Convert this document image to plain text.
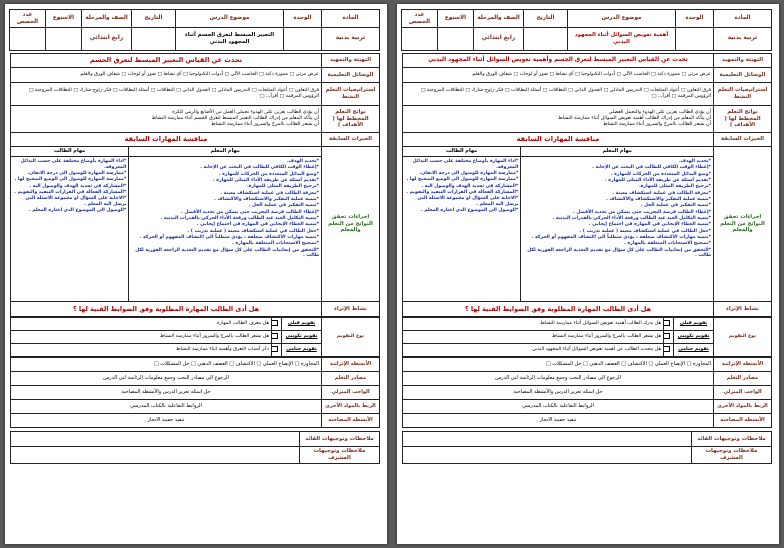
المادة	الوحدة	موضوع الدرس	التاريخ	الصف والمرحلة	الاسبوع	عدد الحصص
تربية بدنية		التعبير المبسط لتعرق الجسم أثناء المجهود البدني		رابع ابتدائي		
التهيئة والتمهيد	تحدث عن القياس التعبير المبسط لتعرق الجسم
الوسائل التعليمية	عرض مرئي □ سبورة ذكية □ الحاسب الآلي □ أدوات التكنولوجيا □ أي نشاط □ صور أو لوحات □ شفاف الورق والقلم
استراتيجيات التعلم النشط	فرق التعاون □ أعواد المثلجات □ التدريس التبادلي □ الجدول الذاتي □ البطاقات □ أسئلة البطاقات □ فكر-زاوج-شارك □ البطاقات المروحية □ الرؤوس المرقمة □ أقرأ... □
نواتج التعلم المخطط لها ( الأهداف )	
أن يؤدي الطالب بعرين على الهدوء تحملي العمل من الأصابع والرمي للكرة
أن يتأكد المعلم من إدراك الطالب التعبير المبسط لتعرق الجسم أثناء ممارسة النشاط
أن يشعر الطالب بالمرح والسرور أثناء ممارسة النشاط

الخبرات السابقة	مناقشة المهارات السابقة
اجراءات تحقق النواتج من التعلم والمعلم	
مهام المعلم	مهام الطالب

*تحديد الهدف.
*إعطاء الوقت الكافي للطالب في البحث عن الإجابة .
*وضع البدائل المتعددة من الحركات للمهارة .
*تقديم أسئلة عن طريقة الأداء المثلى للمهارة .
*ترجيح الطريقة المثلى للمهارة.
*معرفة الطالب في عملية استكشاف معينة .
*تنمية عملية التفكير والاستكشاف والاكتشاف .
*تنمية التفكير في عملية الحل .
*إعطاء الطالب فرصة التجريب حتى يتمكن من تحديد الأفضل .
*تنمية التكامل العبد عند الطالب ورفعة الأداء الحركي بالقدرات البدنية .
*تنمية العطاء الإيجابي في المهارة في اجتماع إيجابي .
*جعل الطالب في عملية استكشاف معينة ( عملية تدريب ) .
*تنمية مهارات الاكتشاف متعلقة ، يؤدي متطلباً الى اكتشاف المفهوم أو الحركة .
*تصحيح الاستجابات المتعلقة بالمهارة .
*التحقق من إيجابيات الطالب على كل سؤال مع تقديم التغذية الراجعة الفورية لكل طالب .

*اداء المهارة بأوضاع مختلفة على حسب البدائل المعروفة.
*ممارسة المهارة للوصول الى درجة الاتقان.
*ممارسة المهارة للوصول الى الوضع الصحيح لها .
*المشاركة في تحديد الهدف والوصول اليه .
*المشاركة الفعالة في القرارات التنفيذ والتقويم .
*الاجابة على السؤال او مجموعة الاسئلة التي يرسل اليه المعلم .
*الوصول الى الموضوع الذي اختاره المعلم .

نشاط الإثراء	هل أدى الطالب المهارة المطلوبة وفق الضوابط الفنية لها ؟
نوع التقويم	تقويم قبلي		هل يتعرف الطالب المهارة
	تقويم تكويني		هل يشعر الطالب بالمرح والسرور أثناء ممارسة النشاط
	تقويم ختامي		ذكر أسباب التعرق وأهمية اثناء ممارسة النشاط
الأنشطة الإثرائية	المحاورة □ الإيضاح العملي □ الاكتشاف □ العصف الذهني □ حل المشكلات □
مصادر التعلم	الرجوع الى مصادر البحث وجمع معلومات الرئاسة لتى الدرس
الواجب المنزلي	حل اسئلة تعزيز الدرس والأنشطة المصاحبة
الربط بالمواد الأخرى	الروابط التفاعلية بالكتاب المدرسي
الأنشطة المصاحبة	تنفيذ حقيبة الانجاز
ملاحظات وتوجيهات القائد	
ملاحظات وتوجيهات المشرف	
المادة	الوحدة	موضوع الدرس	التاريخ	الصف والمرحلة	الاسبوع	عدد الحصص
تربية بدنية		أهمية تعويض السوائل أثناء المجهود البدني		رابع ابتدائي		
التهيئة والتمهيد	تحدث عن القياس التعبير المبسط لتعرق الجسم وأهمية تعويض السوائل أثناء المجهود البدني
الوسائل التعليمية	عرض مرئي □ سبورة ذكية □ الحاسب الآلي □ أدوات التكنولوجيا □ أي نشاط □ صور أو لوحات □ شفاف الورق والقلم
استراتيجيات التعلم النشط	فرق التعاون □ أعواد المثلجات □ التدريس التبادلي □ الجدول الذاتي □ البطاقات □ أسئلة البطاقات □ فكر-زاوج-شارك □ البطاقات المروحية □ الرؤوس المرقمة □ أقرأ... □
نواتج التعلم المخطط لها ( الأهداف )	
أن يؤدي الطالب بعرين على الهدوء والتحمل العضلي
أن يتأكد المعلم من إدراك الطالب أهمية تعويض السوائل أثناء ممارسة النشاط
أن يشعر الطالب بالمرح والسرور أثناء ممارسة النشاط

الخبرات السابقة	مناقشة المهارات السابقة
اجراءات تحقق النواتج من التعلم والمعلم	
مهام المعلم	مهام الطالب

*تحديد الهدف.
*إعطاء الوقت الكافي للطالب في البحث عن الإجابة .
*وضع البدائل المتعددة من الحركات للمهارة .
*تقديم أسئلة عن طريقة الأداء المثلى للمهارة .
*ترجيح الطريقة المثلى للمهارة.
*معرفة الطالب في عملية استكشاف معينة .
*تنمية عملية التفكير والاستكشاف والاكتشاف .
*تنمية التفكير في عملية الحل .
*إعطاء الطالب فرصة التجريب حتى يتمكن من تحديد الأفضل .
*تنمية التكامل العبد عند الطالب ورفعة الأداء الحركي بالقدرات البدنية .
*تنمية العطاء الإيجابي في المهارة في اجتماع إيجابي .
*جعل الطالب في عملية استكشاف معينة ( عملية تدريب ) .
*تنمية مهارات الاكتشاف متعلقة ، يؤدي متطلباً الى اكتشاف المفهوم أو الحركة .
*تصحيح الاستجابات المتعلقة بالمهارة .
*التحقق من إيجابيات الطالب على كل سؤال مع تقديم التغذية الراجعة الفورية لكل طالب .

*اداء المهارة بأوضاع مختلفة على حسب البدائل المعروفة.
*ممارسة المهارة للوصول الى درجة الاتقان.
*ممارسة المهارة للوصول الى الوضع الصحيح لها .
*المشاركة في تحديد الهدف والوصول اليه .
*المشاركة الفعالة في القرارات التنفيذ والتقويم .
*الاجابة على السؤال او مجموعة الاسئلة التي يرسل اليه المعلم .
*الوصول الى الموضوع الذي اختاره المعلم .

نشاط الإثراء	هل أدى الطالب المهارة المطلوبة وفق الضوابط الفنية لها ؟
نوع التقويم	تقويم قبلي		هل يدرك الطالب أهمية تعويض السوائل أثناء ممارسة النشاط
	تقويم تكويني		هل يشعر الطالب بالمرح والسرور أثناء ممارسة النشاط
	تقويم ختامي		هل يتحدث الطالب عن أهمية تعويض السوائل أثناء المجهود البدني
الأنشطة الإثرائية	المحاورة □ الإيضاح العملي □ الاكتشاف □ العصف الذهني □ حل المشكلات □
مصادر التعلم	الرجوع الى مصادر البحث وجمع معلومات الرئاسة لتى الدرس
الواجب المنزلي	حل اسئلة تعزيز الدرس والأنشطة المصاحبة
الربط بالمواد الأخرى	الروابط التفاعلية بالكتاب المدرسي
الأنشطة المصاحبة	تنفيذ حقيبة الانجاز
ملاحظات وتوجيهات القائد	
ملاحظات وتوجيهات المشرف	
